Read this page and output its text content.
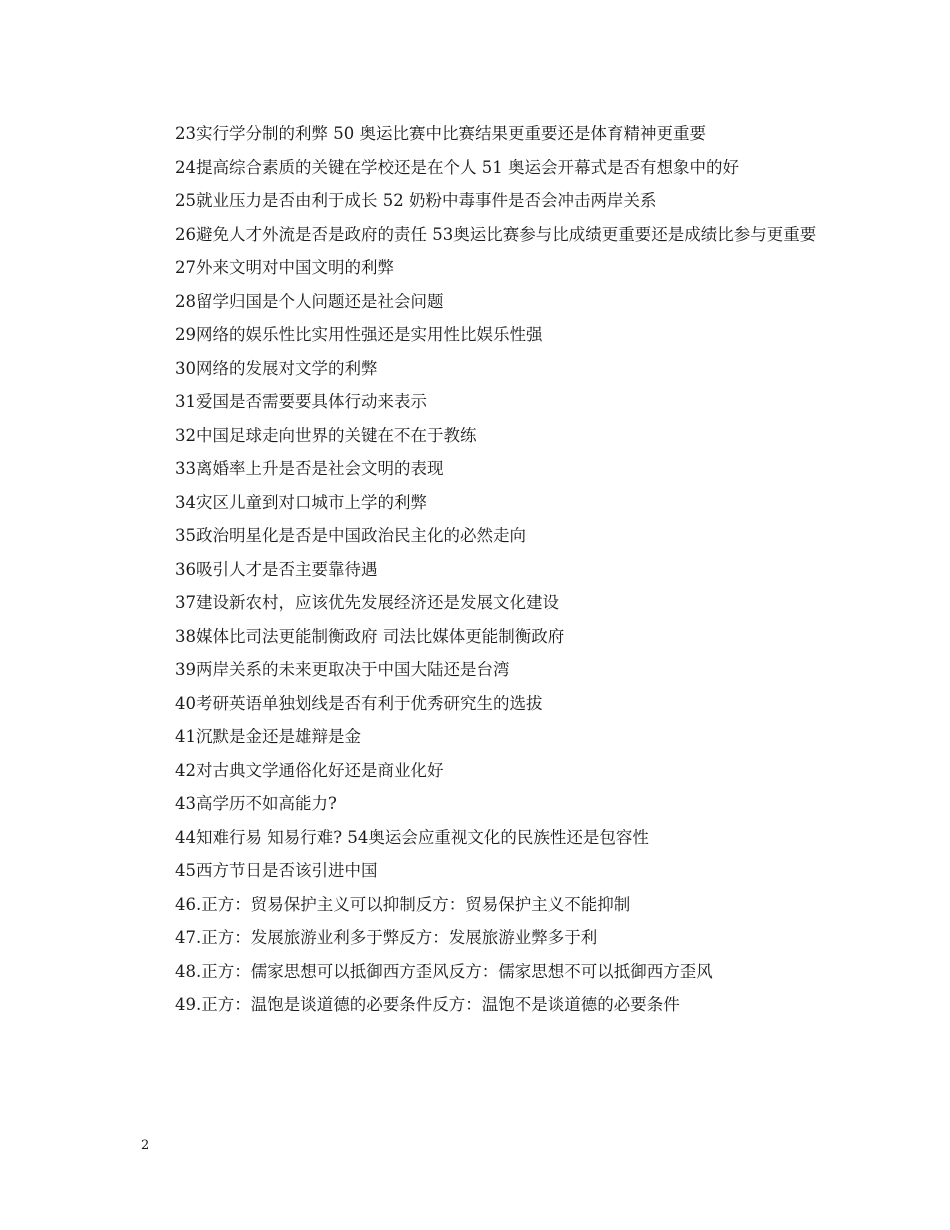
23实行学分制的利弊 50 奥运比赛中比赛结果更重要还是体育精神更重要

24提高综合素质的关键在学校还是在个人 51 奥运会开幕式是否有想象中的好

25就业压力是否由利于成长 52 奶粉中毒事件是否会冲击两岸关系

26避免人才外流是否是政府的责任 53奥运比赛参与比成绩更重要还是成绩比参与更重要

27外来文明对中国文明的利弊

28留学归国是个人问题还是社会问题

29网络的娱乐性比实用性强还是实用性比娱乐性强

30网络的发展对文学的利弊

31爱国是否需要要具体行动来表示

32中国足球走向世界的关键在不在于教练

33离婚率上升是否是社会文明的表现

34灾区儿童到对口城市上学的利弊

35政治明星化是否是中国政治民主化的必然走向

36吸引人才是否主要靠待遇

37建设新农村，应该优先发展经济还是发展文化建设

38媒体比司法更能制衡政府 司法比媒体更能制衡政府

39两岸关系的未来更取决于中国大陆还是台湾

40考研英语单独划线是否有利于优秀研究生的选拔

41沉默是金还是雄辩是金

42对古典文学通俗化好还是商业化好

43高学历不如高能力?

44知难行易 知易行难? 54奥运会应重视文化的民族性还是包容性

45西方节日是否该引进中国

46.正方：贸易保护主义可以抑制反方：贸易保护主义不能抑制

47.正方：发展旅游业利多于弊反方：发展旅游业弊多于利

48.正方：儒家思想可以抵御西方歪风反方：儒家思想不可以抵御西方歪风

49.正方：温饱是谈道德的必要条件反方：温饱不是谈道德的必要条件

2
